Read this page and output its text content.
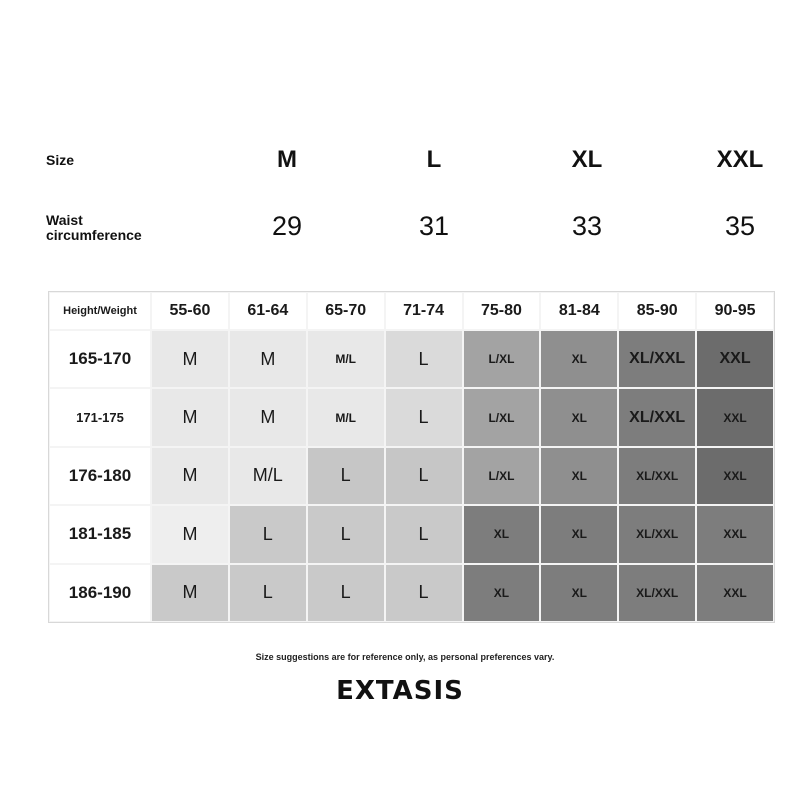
Size	M	L	XL	XXL
Waist
circumference	29	31	33	35
Height/Weight	55-60	61-64	65-70	71-74	75-80	81-84	85-90	90-95
165-170	M	M	M/L	L	L/XL	XL	XL/XXL	XXL
171-175	M	M	M/L	L	L/XL	XL	XL/XXL	XXL
176-180	M	M/L	L	L	L/XL	XL	XL/XXL	XXL
181-185	M	L	L	L	XL	XL	XL/XXL	XXL
186-190	M	L	L	L	XL	XL	XL/XXL	XXL
Size suggestions are for reference only, as personal preferences vary.
EXTASIS
